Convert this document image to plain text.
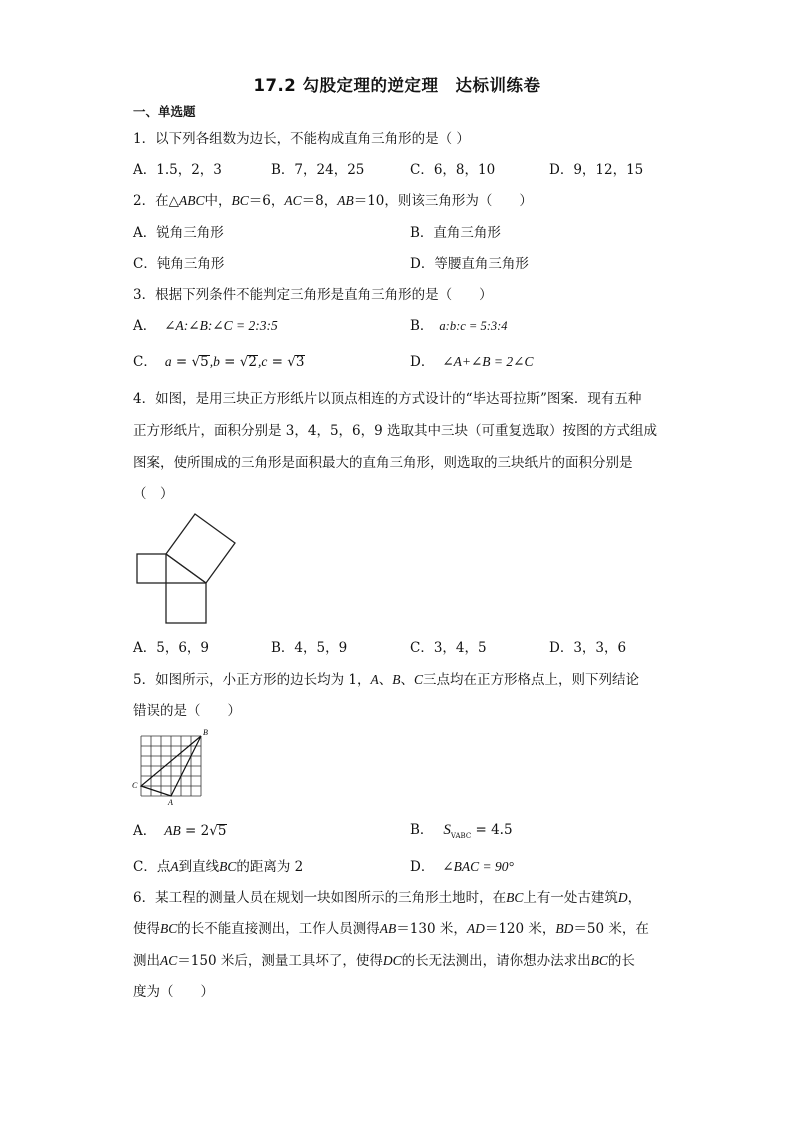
17.2 勾股定理的逆定理　达标训练卷
一、单选题
1．以下列各组数为边长，不能构成直角三角形的是（ ）
A．1.5，2，3	B．7，24，25	C．6，8，10	D．9，12，15
2．在△ABC中，BC＝6，AC＝8，AB＝10，则该三角形为（　　）
A．锐角三角形	B．直角三角形
C．钝角三角形	D．等腰直角三角形
3．根据下列条件不能判定三角形是直角三角形的是（　　）
A． ∠A:∠B:∠C = 2:3:5	B． a:b:c = 5:3:4
C． a = √5,b = √2,c = √3	D． ∠A+∠B = 2∠C
4．如图，是用三块正方形纸片以顶点相连的方式设计的“毕达哥拉斯”图案．现有五种
正方形纸片，面积分别是 3，4，5，6，9 选取其中三块（可重复选取）按图的方式组成
图案，使所围成的三角形是面积最大的直角三角形，则选取的三块纸片的面积分别是
（　）
A．5，6，9	B．4，5，9	C．3，4，5	D．3，3，6
5．如图所示，小正方形的边长均为 1，A、B、C三点均在正方形格点上，则下列结论
错误的是（　　）
B
C
A
A． AB = 2√5	B． $S_{VABC} = 4.5$
C．点A到直线BC的距离为 2	D． ∠BAC = 90°
6．某工程的测量人员在规划一块如图所示的三角形土地时，在BC上有一处古建筑D，
使得BC的长不能直接测出，工作人员测得AB＝130 米，AD＝120 米，BD＝50 米，在
测出AC＝150 米后，测量工具坏了，使得DC的长无法测出，请你想办法求出BC的长
度为（　　）
